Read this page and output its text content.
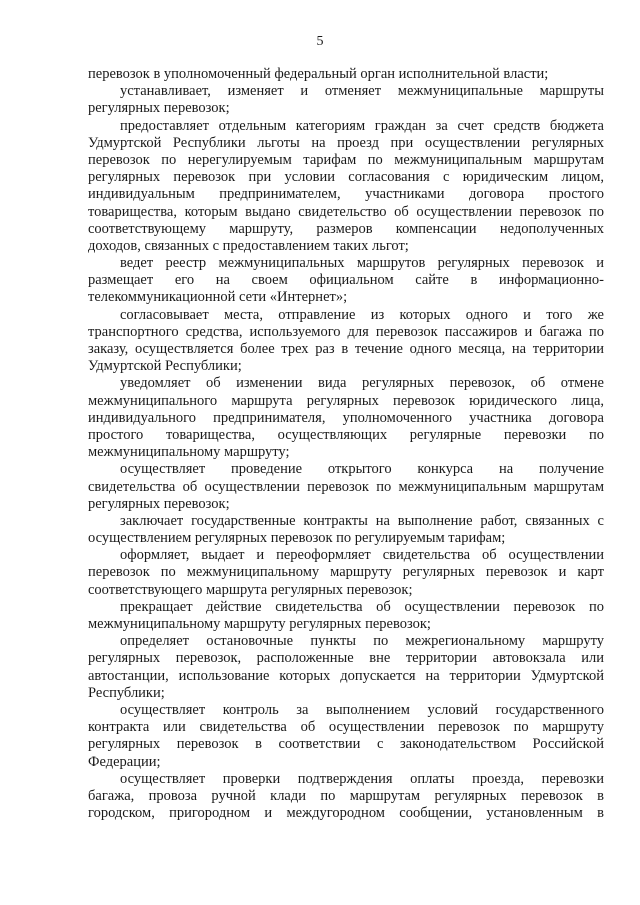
5
перевозок в уполномоченный федеральный орган исполнительной власти;
устанавливает, изменяет и отменяет межмуниципальные маршруты
регулярных перевозок;
предоставляет отдельным категориям граждан за счет средств бюджета
Удмуртской Республики льготы на проезд при осуществлении регулярных
перевозок по нерегулируемым тарифам по межмуниципальным маршрутам
регулярных перевозок при условии согласования с юридическим лицом,
индивидуальным предпринимателем, участниками договора простого
товарищества, которым выдано свидетельство об осуществлении перевозок по
соответствующему маршруту, размеров компенсации недополученных
доходов, связанных с предоставлением таких льгот;
ведет реестр межмуниципальных маршрутов регулярных перевозок и
размещает его на своем официальном сайте в информационно-
телекоммуникационной сети «Интернет»;
согласовывает места, отправление из которых одного и того же
транспортного средства, используемого для перевозок пассажиров и багажа по
заказу, осуществляется более трех раз в течение одного месяца, на территории
Удмуртской Республики;
уведомляет об изменении вида регулярных перевозок, об отмене
межмуниципального маршрута регулярных перевозок юридического лица,
индивидуального предпринимателя, уполномоченного участника договора
простого товарищества, осуществляющих регулярные перевозки по
межмуниципальному маршруту;
осуществляет проведение открытого конкурса на получение
свидетельства об осуществлении перевозок по межмуниципальным маршрутам
регулярных перевозок;
заключает государственные контракты на выполнение работ, связанных с
осуществлением регулярных перевозок по регулируемым тарифам;
оформляет, выдает и переоформляет свидетельства об осуществлении
перевозок по межмуниципальному маршруту регулярных перевозок и карт
соответствующего маршрута регулярных перевозок;
прекращает действие свидетельства об осуществлении перевозок по
межмуниципальному маршруту регулярных перевозок;
определяет остановочные пункты по межрегиональному маршруту
регулярных перевозок, расположенные вне территории автовокзала или
автостанции, использование которых допускается на территории Удмуртской
Республики;
осуществляет контроль за выполнением условий государственного
контракта или свидетельства об осуществлении перевозок по маршруту
регулярных перевозок в соответствии с законодательством Российской
Федерации;
осуществляет проверки подтверждения оплаты проезда, перевозки
багажа, провоза ручной клади по маршрутам регулярных перевозок в
городском, пригородном и междугородном сообщении, установленным в
